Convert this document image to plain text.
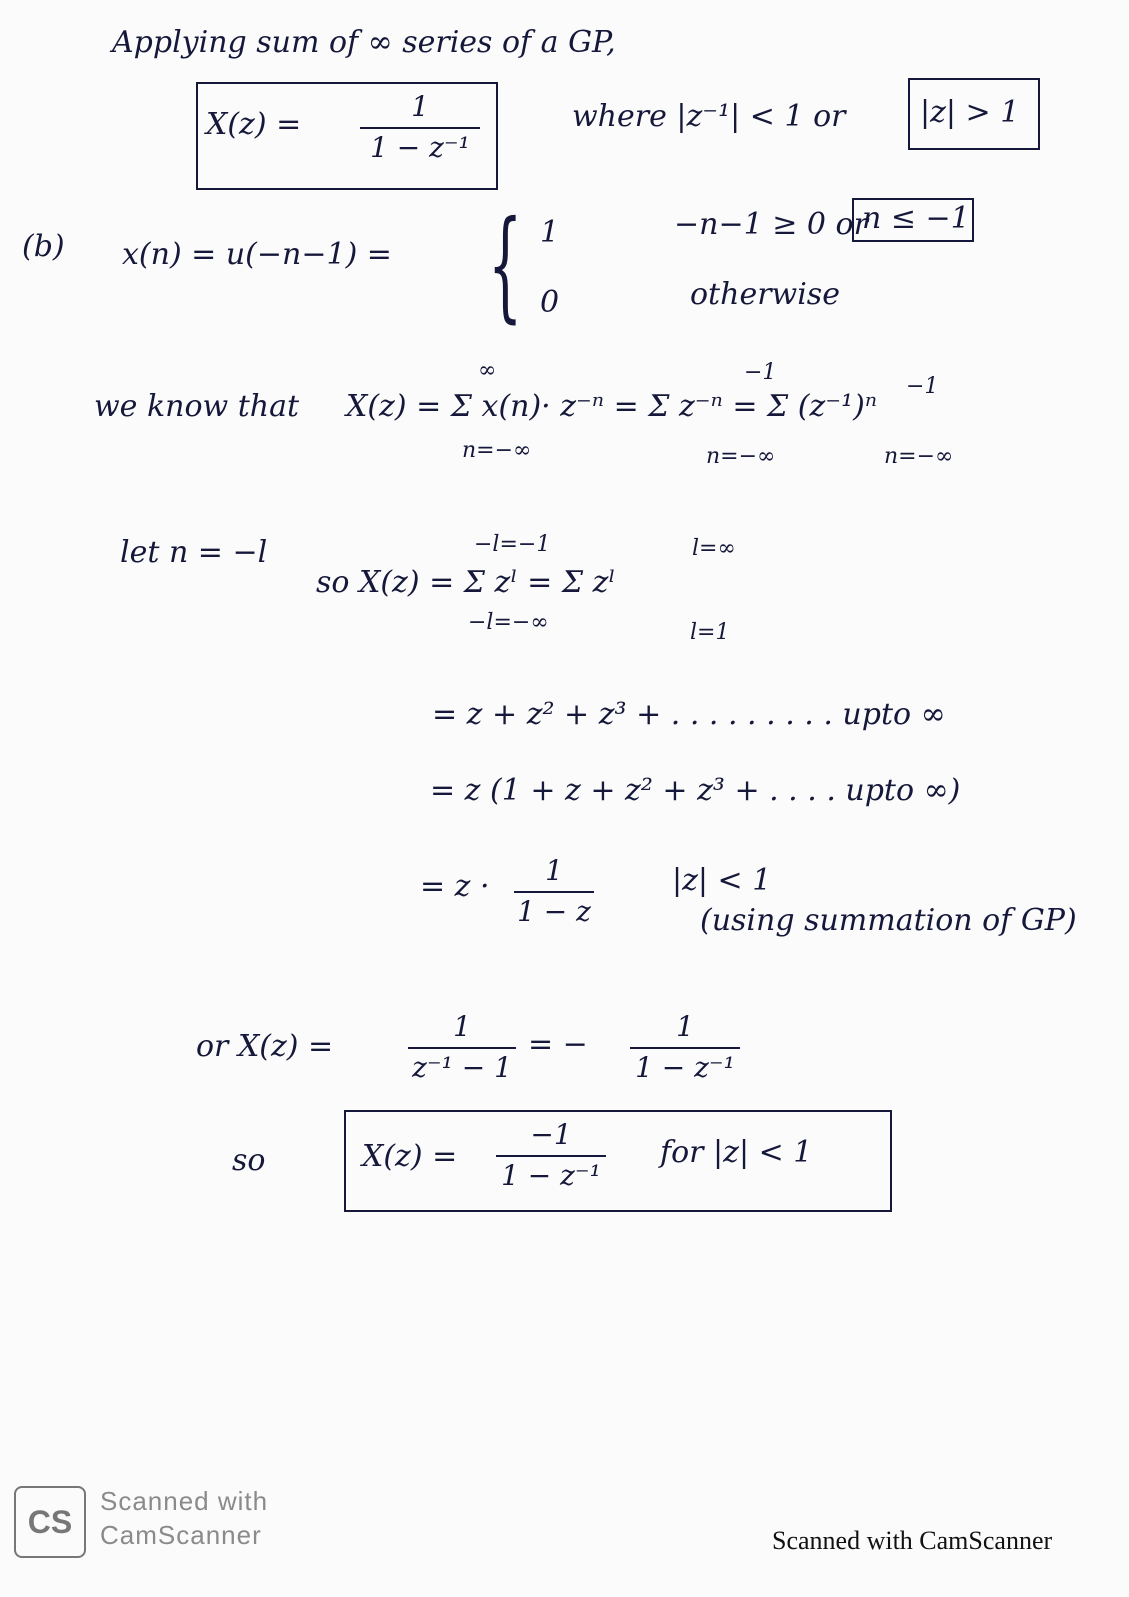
Applying sum of ∞ series of a GP,
X(z) =
1
1 − z⁻¹
where |z⁻¹| < 1 or |z| > 1
(b) x(n) = u(−n−1) = { 1	−n−1 ≥ 0 or
n ≤ −1
0	otherwise
we know that X(z) = Σ x(n)· z⁻ⁿ = Σ z⁻ⁿ = Σ (z⁻¹)ⁿ
∞
n=−∞
−1
n=−∞
−1
n=−∞
let n = −l
so X(z) = Σ zˡ = Σ zˡ
−l=−1
−l=−∞
l=∞
l=1
= z + z² + z³ + . . . . . . . . . upto ∞
= z (1 + z + z² + z³ + . . . . upto ∞)
= z · 1
1 − z
|z| < 1
(using summation of GP)
or X(z) =
1
z⁻¹ − 1
= −
1
1 − z⁻¹
so	X(z) =
−1
1 − z⁻¹
for |z| < 1
CS
Scanned with
CamScanner	Scanned with CamScanner
